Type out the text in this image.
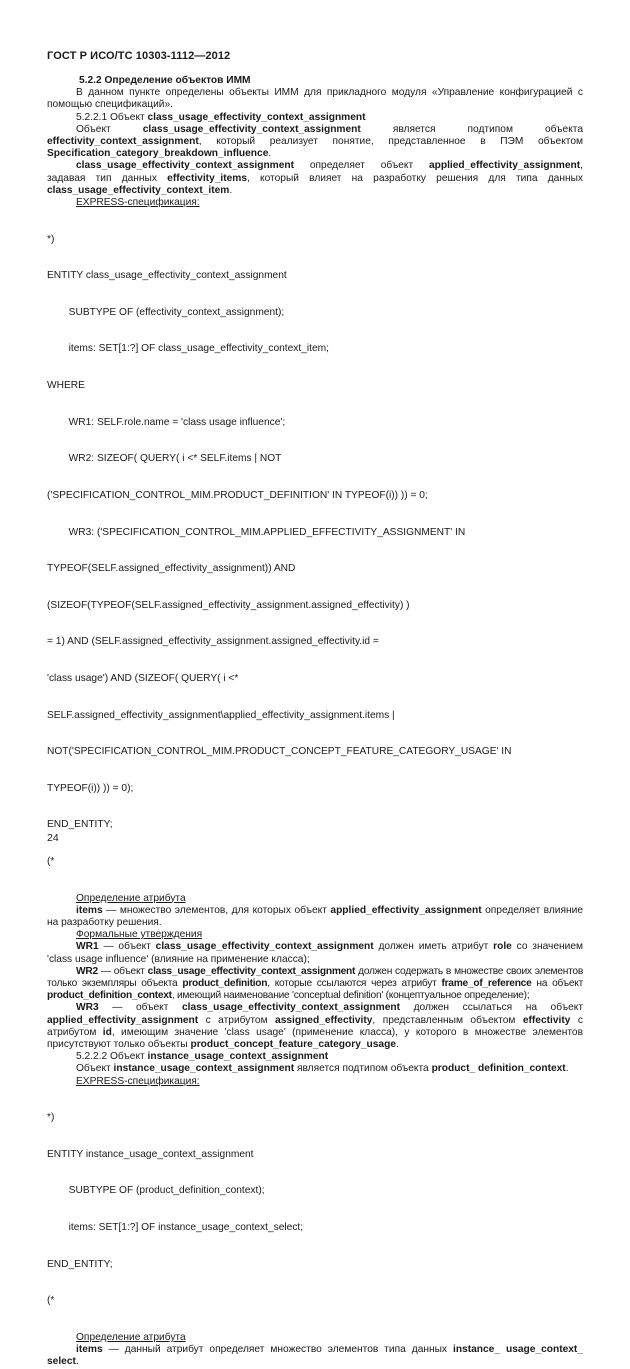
ГОСТ Р ИСО/ТС 10303-1112—2012

5.2.2 Определение объектов ИММ

В данном пункте определены объекты ИММ для прикладного модуля «Управление конфигурацией с помощью спецификаций».

5.2.2.1 Объект class_usage_effectivity_context_assignment

Объект class_usage_effectivity_context_assignment является подтипом объекта effectivity_context_assignment, который реализует понятие, представленное в ПЭМ объектом Specification_category_breakdown_influence.

class_usage_effectivity_context_assignment определяет объект applied_effectivity_assignment, задавая тип данных effectivity_items, который влияет на разработку решения для типа данных class_usage_effectivity_context_item.

EXPRESS-спецификация:

*)

ENTITY class_usage_effectivity_context_assignment

SUBTYPE OF (effectivity_context_assignment);

items: SET[1:?] OF class_usage_effectivity_context_item;

WHERE

WR1: SELF.role.name = 'class usage influence';

WR2: SIZEOF( QUERY( i <* SELF.items | NOT

('SPECIFICATION_CONTROL_MIM.PRODUCT_DEFINITION' IN TYPEOF(i)) )) = 0;

WR3: ('SPECIFICATION_CONTROL_MIM.APPLIED_EFFECTIVITY_ASSIGNMENT' IN

TYPEOF(SELF.assigned_effectivity_assignment)) AND

(SIZEOF(TYPEOF(SELF.assigned_effectivity_assignment.assigned_effectivity) )

= 1) AND (SELF.assigned_effectivity_assignment.assigned_effectivity.id =

'class usage') AND (SIZEOF( QUERY( i <*

SELF.assigned_effectivity_assignment\applied_effectivity_assignment.items |

NOT('SPECIFICATION_CONTROL_MIM.PRODUCT_CONCEPT_FEATURE_CATEGORY_USAGE' IN

TYPEOF(i)) )) = 0);

END_ENTITY;

(*

Определение атрибута

items — множество элементов, для которых объект applied_effectivity_assignment определяет влияние на разработку решения.

Формальные утверждения

WR1 — объект class_usage_effectivity_context_assignment должен иметь атрибут role со значением 'class usage influence' (влияние на применение класса);

WR2 — объект class_usage_effectivity_context_assignment должен содержать в множестве своих элементов только экземпляры объекта product_definition, которые ссылаются через атрибут frame_of_reference на объект product_definition_context, имеющий наименование 'conceptual definition' (концептуальное определение);

WR3 — объект class_usage_effectivity_context_assignment должен ссылаться на объект applied_effectivity_assignment с атрибутом assigned_effectivity, представленным объектом effectivity с атрибутом id, имеющим значение 'class usage' (применение класса), у которого в множестве элементов присутствуют только объекты product_concept_feature_category_usage.

5.2.2.2 Объект instance_usage_context_assignment

Объект instance_usage_context_assignment является подтипом объекта product_ definition_context.

EXPRESS-спецификация:

*)

ENTITY instance_usage_context_assignment

SUBTYPE OF (product_definition_context);

items: SET[1:?] OF instance_usage_context_select;

END_ENTITY;

(*

Определение атрибута

items — данный атрибут определяет множество элементов типа данных instance_ usage_context_ select.

24
